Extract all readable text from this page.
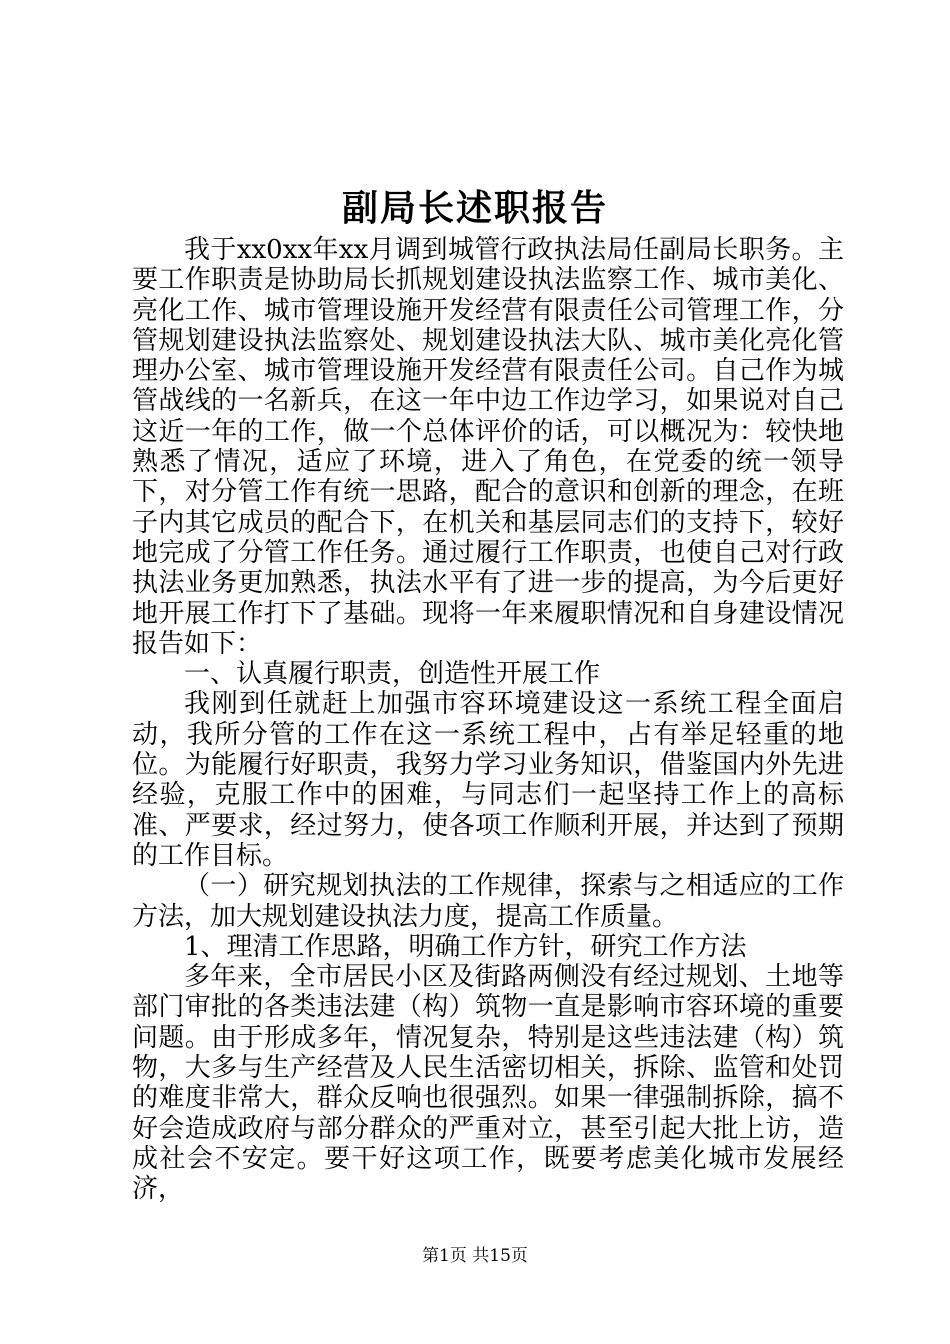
副局长述职报告

我于xx0xx年xx月调到城管行政执法局任副局长职务。主要工作职责是协助局长抓规划建设执法监察工作、城市美化、亮化工作、城市管理设施开发经营有限责任公司管理工作，分管规划建设执法监察处、规划建设执法大队、城市美化亮化管理办公室、城市管理设施开发经营有限责任公司。自己作为城管战线的一名新兵，在这一年中边工作边学习，如果说对自己这近一年的工作，做一个总体评价的话，可以概况为：较快地熟悉了情况，适应了环境，进入了角色，在党委的统一领导下，对分管工作有统一思路，配合的意识和创新的理念，在班子内其它成员的配合下，在机关和基层同志们的支持下，较好地完成了分管工作任务。通过履行工作职责，也使自己对行政执法业务更加熟悉，执法水平有了进一步的提高，为今后更好地开展工作打下了基础。现将一年来履职情况和自身建设情况报告如下：

一、认真履行职责，创造性开展工作

我刚到任就赶上加强市容环境建设这一系统工程全面启动，我所分管的工作在这一系统工程中，占有举足轻重的地位。为能履行好职责，我努力学习业务知识，借鉴国内外先进经验，克服工作中的困难，与同志们一起坚持工作上的高标准、严要求，经过努力，使各项工作顺利开展，并达到了预期的工作目标。

（一）研究规划执法的工作规律，探索与之相适应的工作方法，加大规划建设执法力度，提高工作质量。

1、理清工作思路，明确工作方针，研究工作方法

多年来，全市居民小区及街路两侧没有经过规划、土地等部门审批的各类违法建（构）筑物一直是影响市容环境的重要问题。由于形成多年，情况复杂，特别是这些违法建（构）筑物，大多与生产经营及人民生活密切相关，拆除、监管和处罚的难度非常大，群众反响也很强烈。如果一律强制拆除，搞不好会造成政府与部分群众的严重对立，甚至引起大批上访，造成社会不安定。要干好这项工作，既要考虑美化城市发展经济，

第1页 共15页
